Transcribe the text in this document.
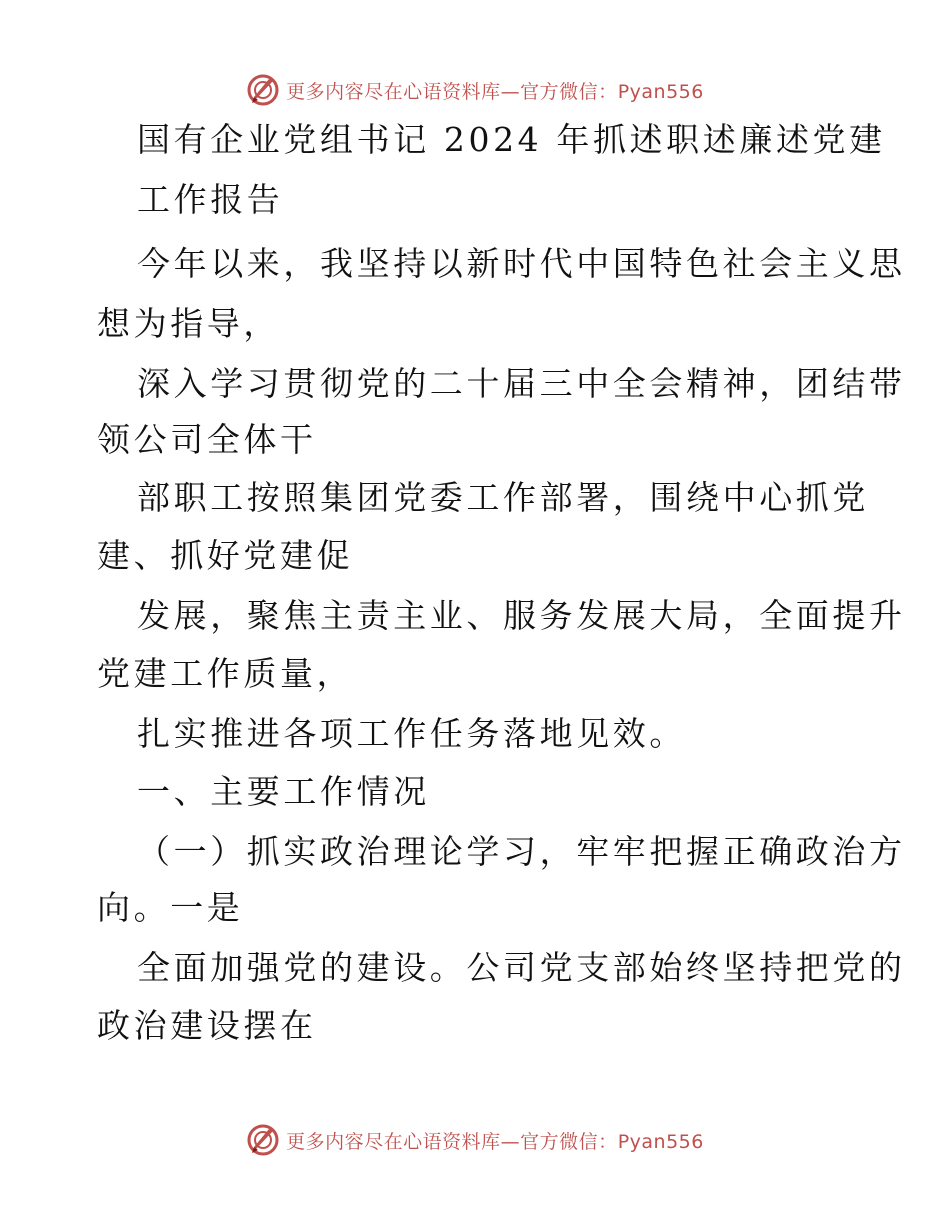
更多内容尽在心语资料库—官方微信：Pyan556
国有企业党组书记 2024 年抓述职述廉述党建
工作报告
今年以来，我坚持以新时代中国特色社会主义思
想为指导，
深入学习贯彻党的二十届三中全会精神，团结带
领公司全体干
部职工按照集团党委工作部署，围绕中心抓党
建、抓好党建促
发展，聚焦主责主业、服务发展大局，全面提升
党建工作质量，
扎实推进各项工作任务落地见效。
一、主要工作情况
（一）抓实政治理论学习，牢牢把握正确政治方
向。一是
全面加强党的建设。公司党支部始终坚持把党的
政治建设摆在
更多内容尽在心语资料库—官方微信：Pyan556
